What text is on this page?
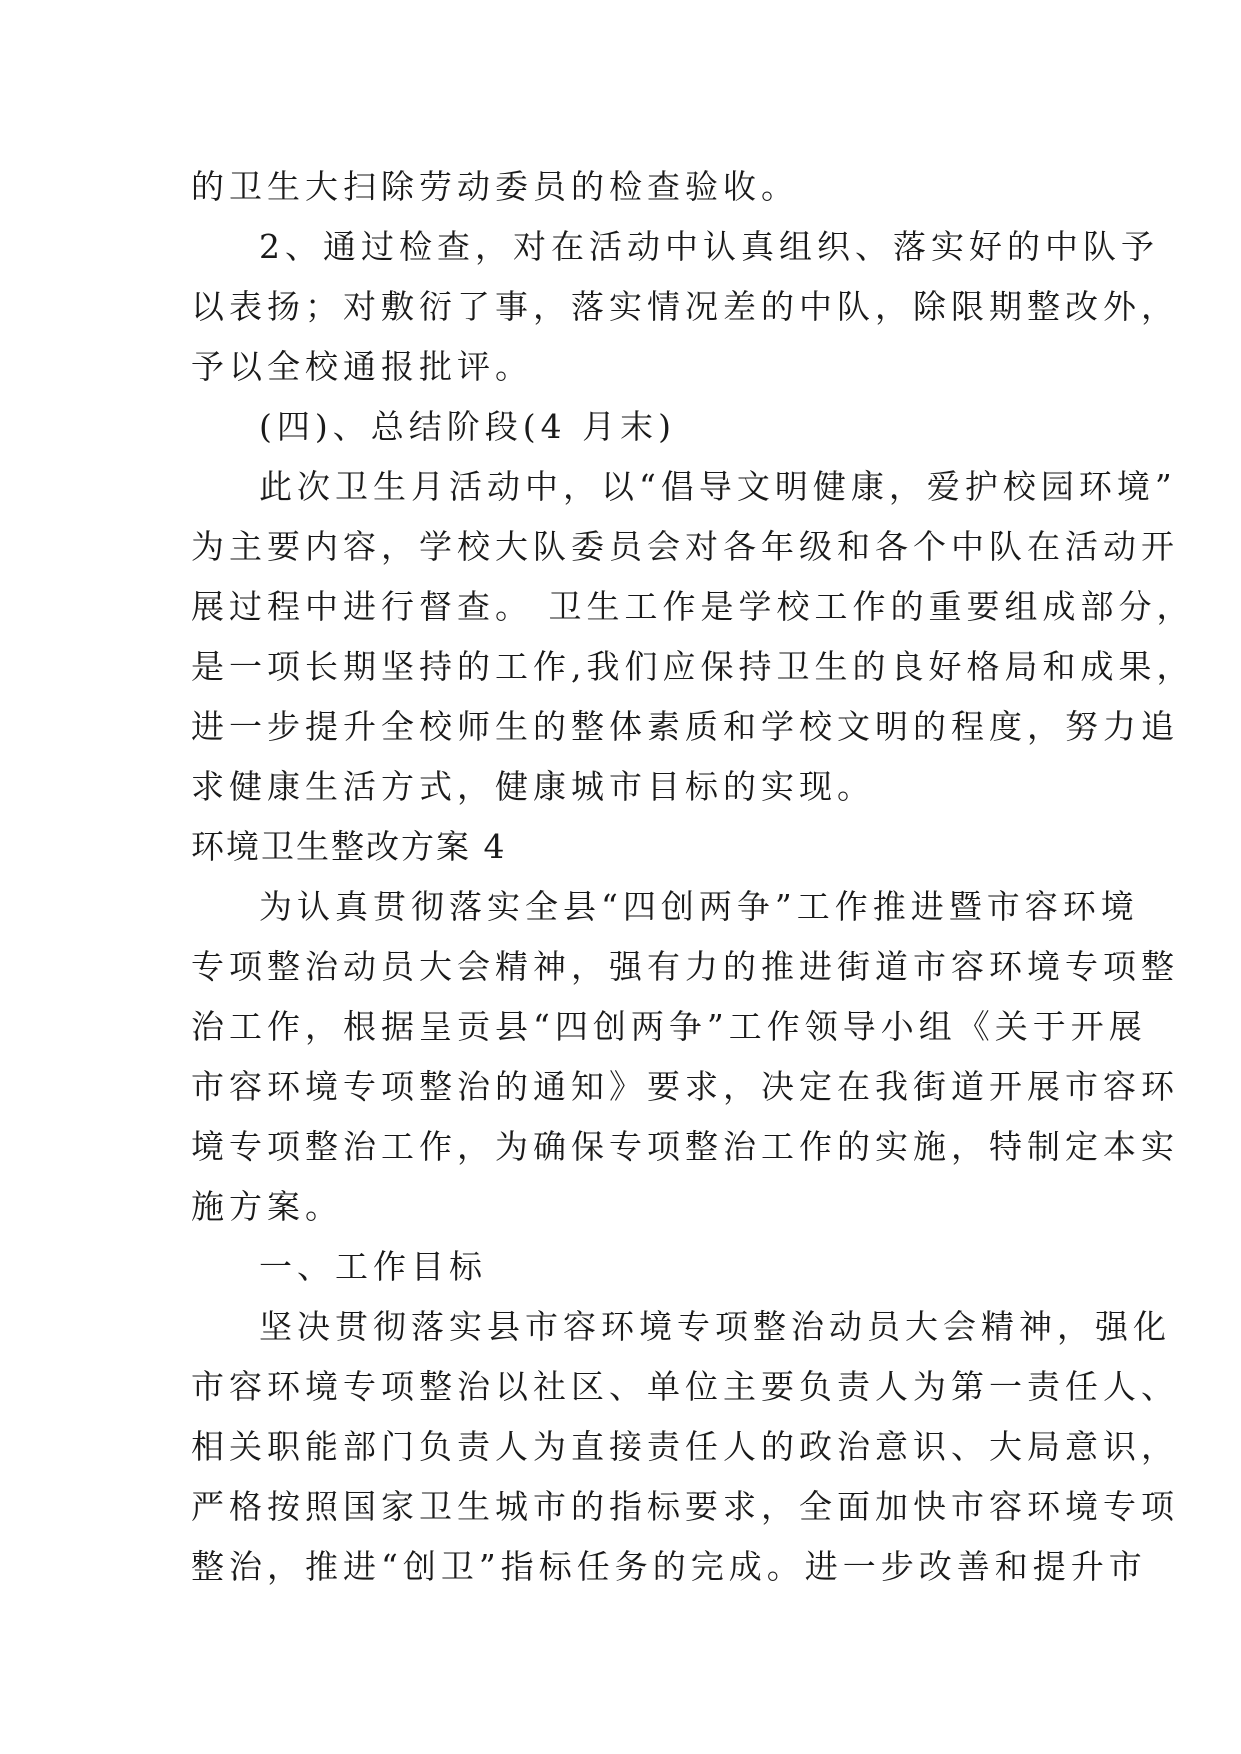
的卫生大扫除劳动委员的检查验收。
2、通过检查，对在活动中认真组织、落实好的中队予
以表扬；对敷衍了事，落实情况差的中队，除限期整改外，
予以全校通报批评。
(四)、总结阶段(4 月末)
此次卫生月活动中，以“倡导文明健康，爱护校园环境”
为主要内容，学校大队委员会对各年级和各个中队在活动开
展过程中进行督查。 卫生工作是学校工作的重要组成部分，
是一项长期坚持的工作,我们应保持卫生的良好格局和成果，
进一步提升全校师生的整体素质和学校文明的程度，努力追
求健康生活方式，健康城市目标的实现。
环境卫生整改方案 4
为认真贯彻落实全县“四创两争”工作推进暨市容环境
专项整治动员大会精神，强有力的推进街道市容环境专项整
治工作，根据呈贡县“四创两争”工作领导小组《关于开展
市容环境专项整治的通知》要求，决定在我街道开展市容环
境专项整治工作，为确保专项整治工作的实施，特制定本实
施方案。
一、工作目标
坚决贯彻落实县市容环境专项整治动员大会精神，强化
市容环境专项整治以社区、单位主要负责人为第一责任人、
相关职能部门负责人为直接责任人的政治意识、大局意识，
严格按照国家卫生城市的指标要求，全面加快市容环境专项
整治，推进“创卫”指标任务的完成。进一步改善和提升市
